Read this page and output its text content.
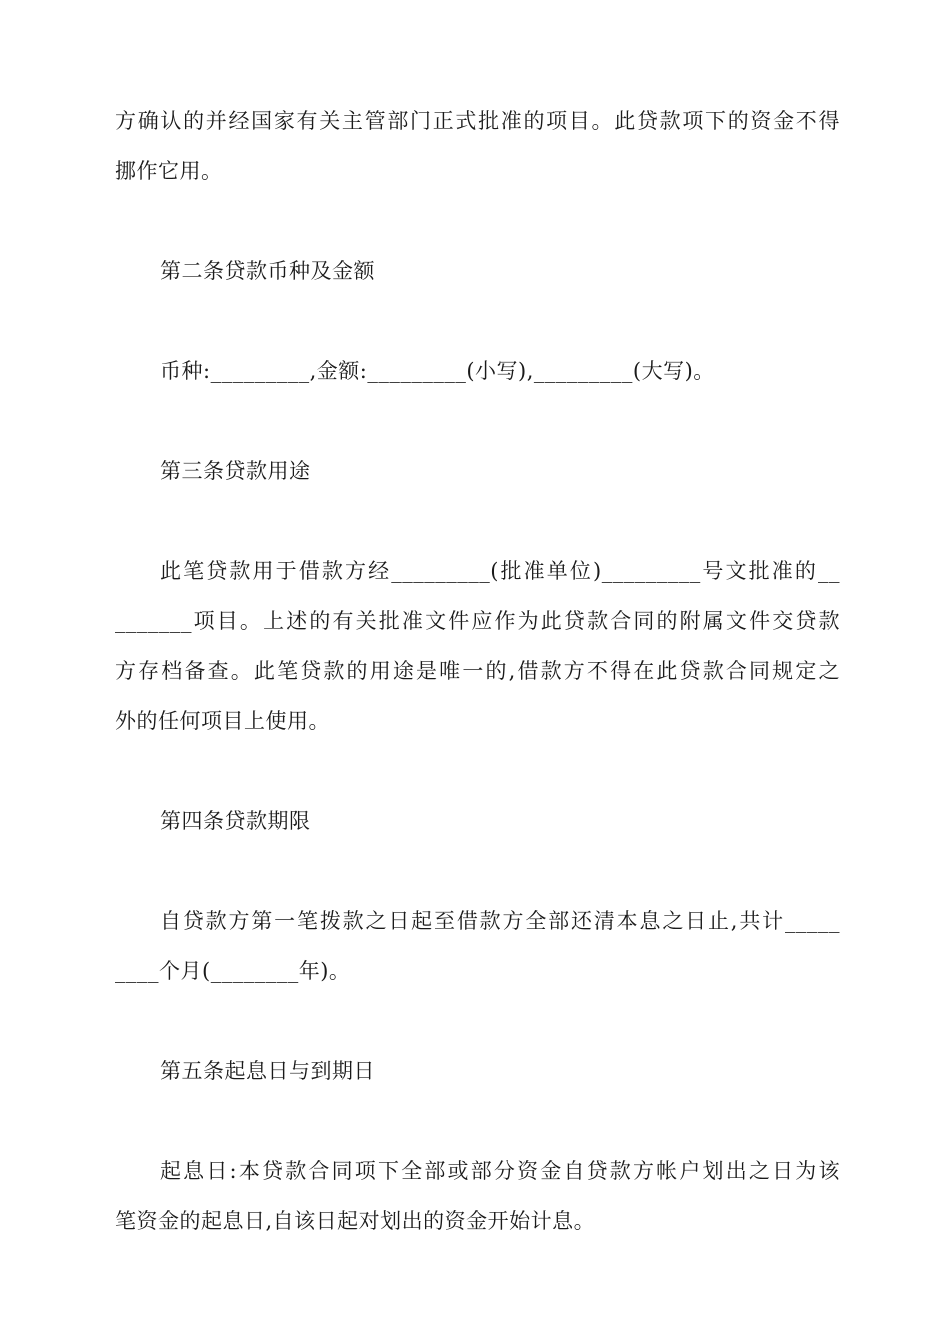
方确认的并经国家有关主管部门正式批准的项目。此贷款项下的资金不得
挪作它用。
第二条贷款币种及金额
币种:_________,金额:_________(小写),_________(大写)。
第三条贷款用途
此笔贷款用于借款方经_________(批准单位)_________号文批准的__
_______项目。上述的有关批准文件应作为此贷款合同的附属文件交贷款
方存档备查。此笔贷款的用途是唯一的,借款方不得在此贷款合同规定之
外的任何项目上使用。
第四条贷款期限
自贷款方第一笔拨款之日起至借款方全部还清本息之日止,共计_____
____个月(________年)。
第五条起息日与到期日
起息日:本贷款合同项下全部或部分资金自贷款方帐户划出之日为该
笔资金的起息日,自该日起对划出的资金开始计息。
